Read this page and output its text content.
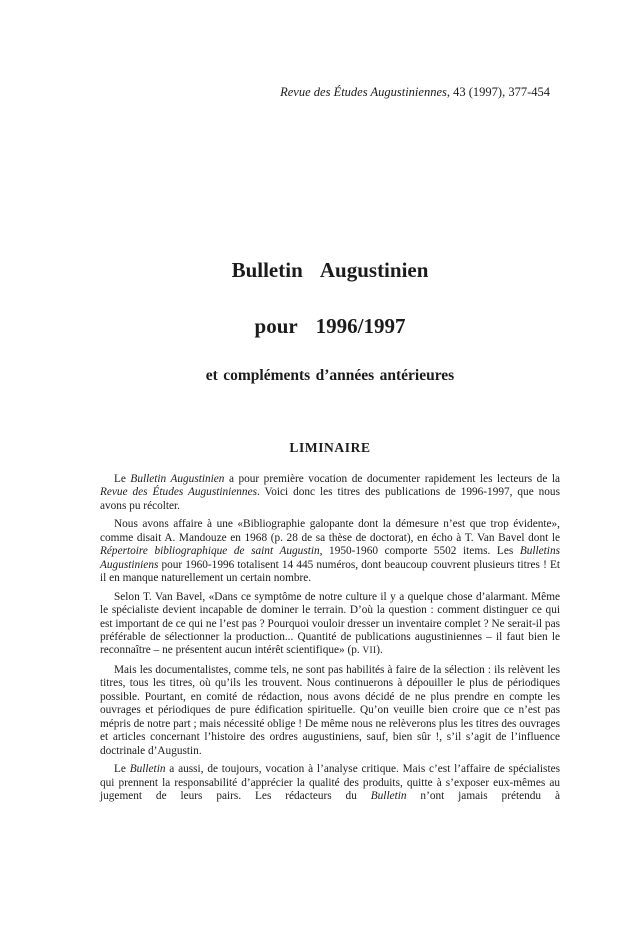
Revue des Études Augustiniennes, 43 (1997), 377-454
Bulletin Augustinien
pour 1996/1997
et compléments d’années antérieures
LIMINAIRE

Le Bulletin Augustinien a pour première vocation de documenter rapidement les lecteurs de la Revue des Études Augustiniennes. Voici donc les titres des publications de 1996-1997, que nous avons pu récolter.

Nous avons affaire à une «Bibliographie galopante dont la démesure n’est que trop évidente», comme disait A. Mandouze en 1968 (p. 28 de sa thèse de doctorat), en écho à T. Van Bavel dont le Répertoire bibliographique de saint Augustin, 1950-1960 comporte 5502 items. Les Bulletins Augustiniens pour 1960-1996 totalisent 14 445 numéros, dont beaucoup couvrent plusieurs titres ! Et il en manque naturellement un certain nombre.

Selon T. Van Bavel, «Dans ce symptôme de notre culture il y a quelque chose d’alarmant. Même le spécialiste devient incapable de dominer le terrain. D’où la question : comment distinguer ce qui est important de ce qui ne l’est pas ? Pourquoi vouloir dresser un inventaire complet ? Ne serait-il pas préférable de sélectionner la production... Quantité de publications augustiniennes – il faut bien le reconnaître – ne présentent aucun intérêt scientifique» (p. VII).

Mais les documentalistes, comme tels, ne sont pas habilités à faire de la sélection : ils relèvent les titres, tous les titres, où qu’ils les trouvent. Nous continuerons à dépouiller le plus de périodiques possible. Pourtant, en comité de rédaction, nous avons décidé de ne plus prendre en compte les ouvrages et périodiques de pure édification spirituelle. Qu’on veuille bien croire que ce n’est pas mépris de notre part ; mais nécessité oblige ! De même nous ne relèverons plus les titres des ouvrages et articles concernant l’histoire des ordres augustiniens, sauf, bien sûr !, s’il s’agit de l’influence doctrinale d’Augustin.

Le Bulletin a aussi, de toujours, vocation à l’analyse critique. Mais c’est l’affaire de spécialistes qui prennent la responsabilité d’apprécier la qualité des produits, quitte à s’exposer eux-mêmes au jugement de leurs pairs. Les rédacteurs du Bulletin n’ont jamais prétendu à
